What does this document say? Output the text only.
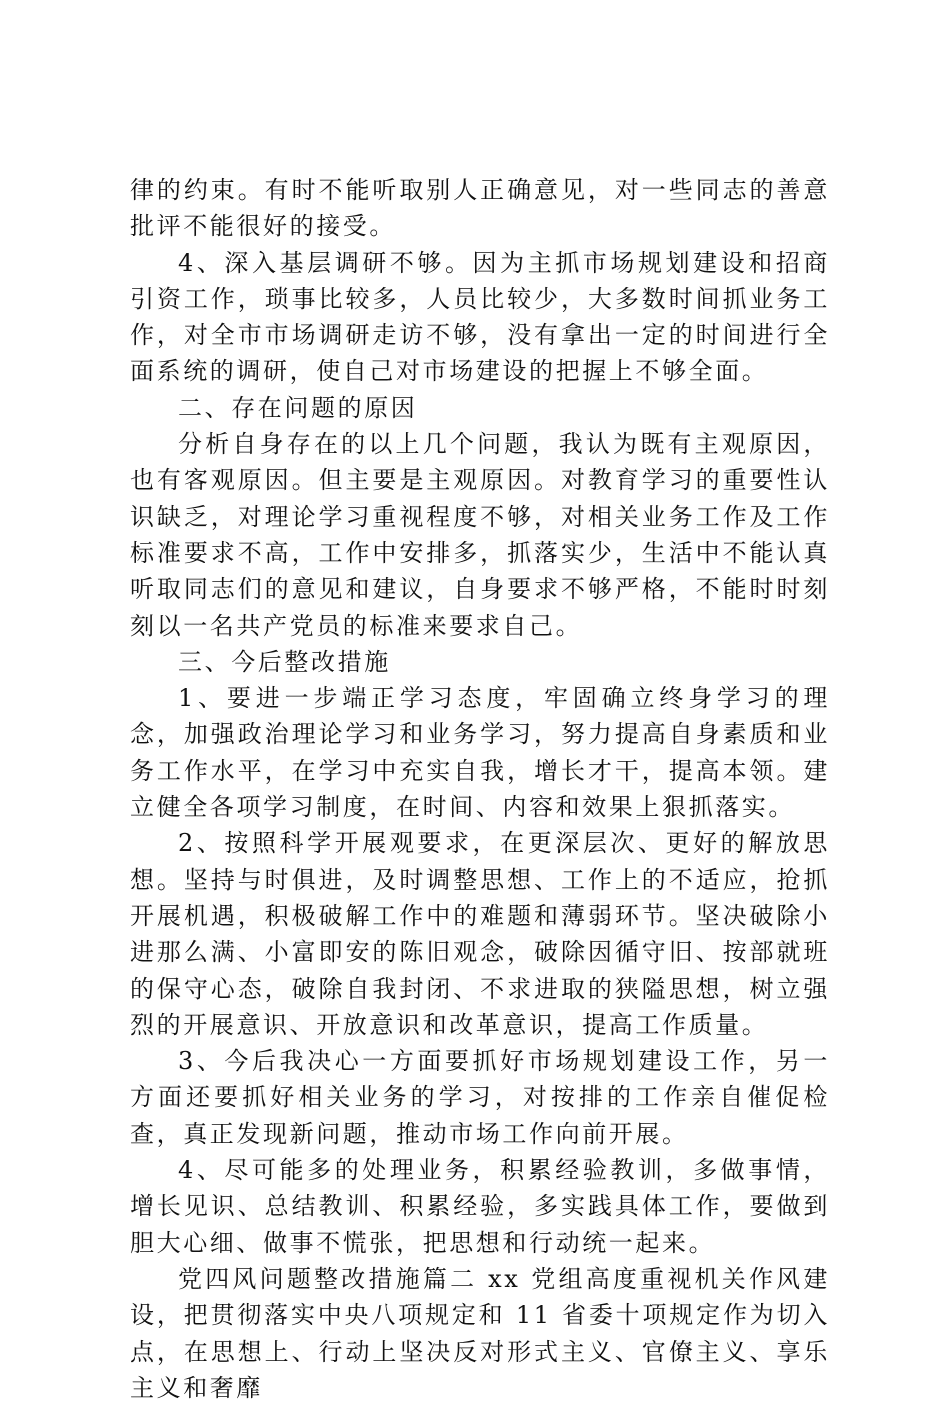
律的约束。有时不能听取别人正确意见，对一些同志的善意批评不能很好的接受。

4、深入基层调研不够。因为主抓市场规划建设和招商引资工作，琐事比较多，人员比较少，大多数时间抓业务工作，对全市市场调研走访不够，没有拿出一定的时间进行全面系统的调研，使自己对市场建设的把握上不够全面。

二、存在问题的原因

分析自身存在的以上几个问题，我认为既有主观原因，也有客观原因。但主要是主观原因。对教育学习的重要性认识缺乏，对理论学习重视程度不够，对相关业务工作及工作标准要求不高，工作中安排多，抓落实少，生活中不能认真听取同志们的意见和建议，自身要求不够严格，不能时时刻刻以一名共产党员的标准来要求自己。

三、今后整改措施

1、要进一步端正学习态度，牢固确立终身学习的理念，加强政治理论学习和业务学习，努力提高自身素质和业务工作水平，在学习中充实自我，增长才干，提高本领。建立健全各项学习制度，在时间、内容和效果上狠抓落实。

2、按照科学开展观要求，在更深层次、更好的解放思想。坚持与时俱进，及时调整思想、工作上的不适应，抢抓开展机遇，积极破解工作中的难题和薄弱环节。坚决破除小进那么满、小富即安的陈旧观念，破除因循守旧、按部就班的保守心态，破除自我封闭、不求进取的狭隘思想，树立强烈的开展意识、开放意识和改革意识，提高工作质量。

3、今后我决心一方面要抓好市场规划建设工作，另一方面还要抓好相关业务的学习，对按排的工作亲自催促检查，真正发现新问题，推动市场工作向前开展。

4、尽可能多的处理业务，积累经验教训，多做事情，增长见识、总结教训、积累经验，多实践具体工作，要做到胆大心细、做事不慌张，把思想和行动统一起来。

党四风问题整改措施篇二 xx 党组高度重视机关作风建设，把贯彻落实中央八项规定和 11 省委十项规定作为切入点，在思想上、行动上坚决反对形式主义、官僚主义、享乐主义和奢靡
